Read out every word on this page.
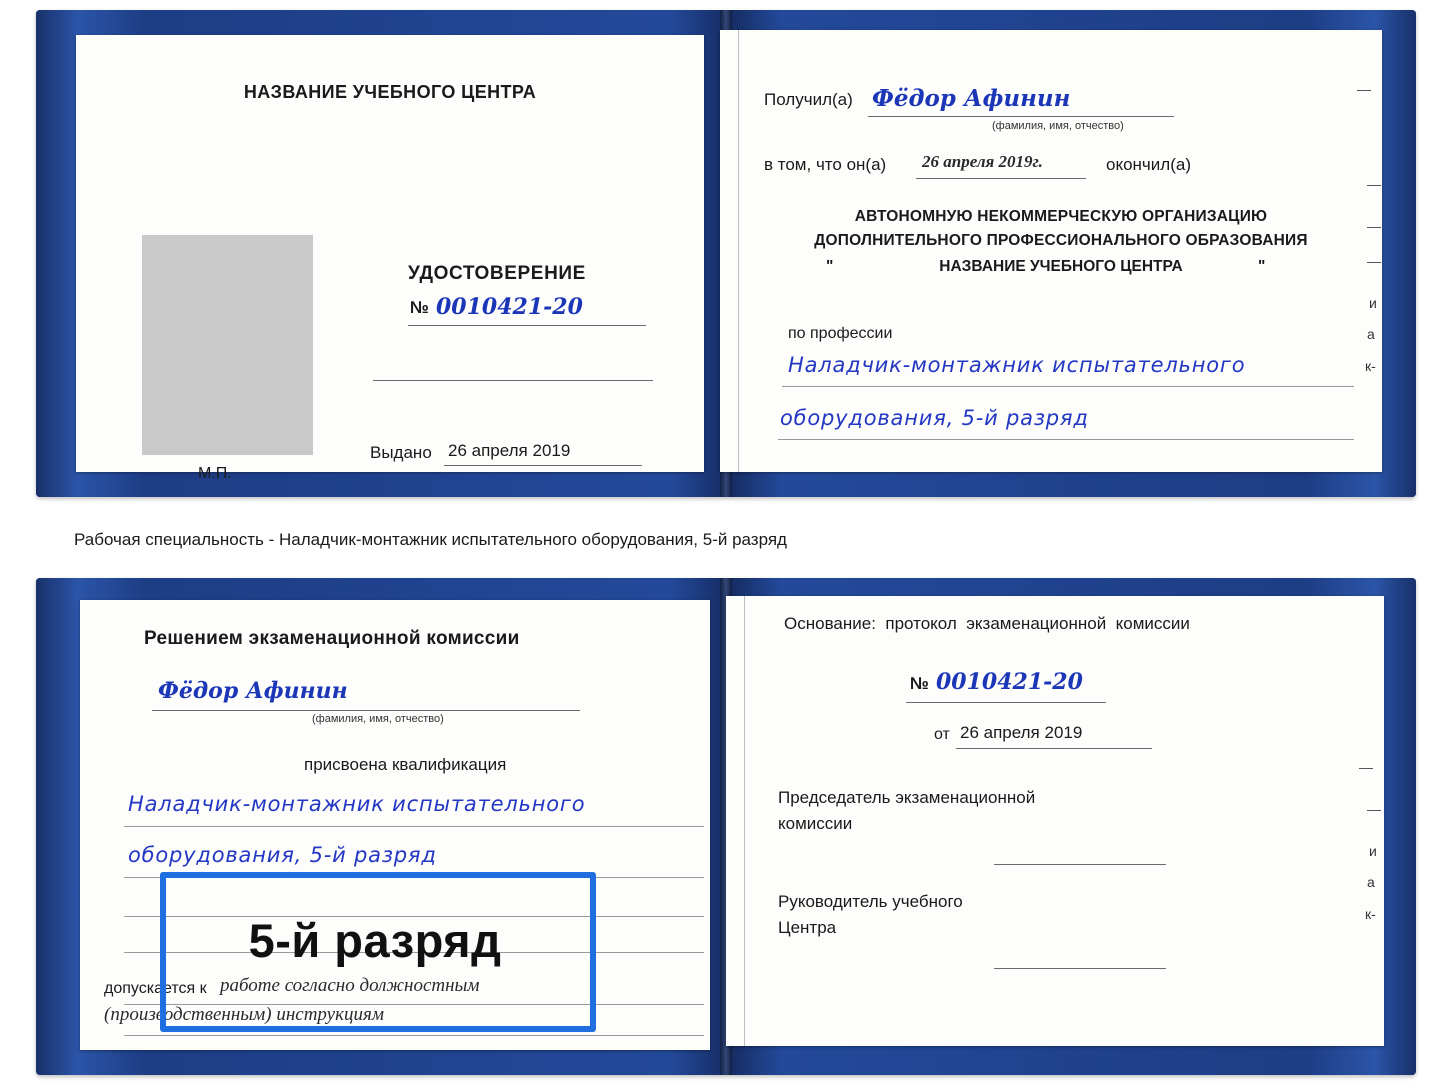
НАЗВАНИЕ УЧЕБНОГО ЦЕНТРА
УДОСТОВЕРЕНИЕ
№ 0010421-20
Выдано 26 апреля 2019
М.П.
Получил(а) Фёдор Афинин
(фамилия, имя, отчество)
в том, что он(а) 26 апреля 2019г.	окончил(а)
АВТОНОМНУЮ НЕКОММЕРЧЕСКУЮ ОРГАНИЗАЦИЮ
ДОПОЛНИТЕЛЬНОГО ПРОФЕССИОНАЛЬНОГО ОБРАЗОВАНИЯ
"	НАЗВАНИЕ УЧЕБНОГО ЦЕНТРА	"
по профессии
Наладчик-монтажник испытательного
оборудования, 5-й разряд
и
а
к-
Рабочая специальность - Наладчик-монтажник испытательного оборудования, 5-й разряд
Решением экзаменационной комиссии
Фёдор Афинин
(фамилия, имя, отчество)
присвоена квалификация
Наладчик-монтажник испытательного
оборудования, 5-й разряд
допускается к работе согласно должностным
(производственным) инструкциям
Основание:  протокол  экзаменационной  комиссии
№ 0010421-20
от 26 апреля 2019
Председатель экзаменационной
комиссии
Руководитель учебного
Центра
и
а
к-
5-й разряд
